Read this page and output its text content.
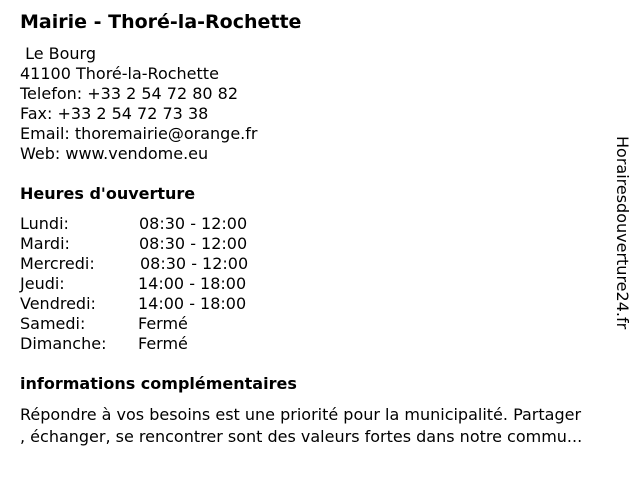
Mairie - Thoré-la-Rochette
Le Bourg
41100 Thoré-la-Rochette
Telefon: +33 2 54 72 80 82
Fax: +33 2 54 72 73 38
Email: thoremairie@orange.fr
Web: www.vendome.eu
Heures d'ouverture
Lundi:	08:30 - 12:00
Mardi:	08:30 - 12:00
Mercredi:	08:30 - 12:00
Jeudi:	14:00 - 18:00
Vendredi:	14:00 - 18:00
Samedi:	Fermé
Dimanche: Fermé
informations complémentaires
Répondre à vos besoins est une priorité pour la municipalité. Partager
, échanger, se rencontrer sont des valeurs fortes dans notre commu...
Horairesdouverture24.fr
